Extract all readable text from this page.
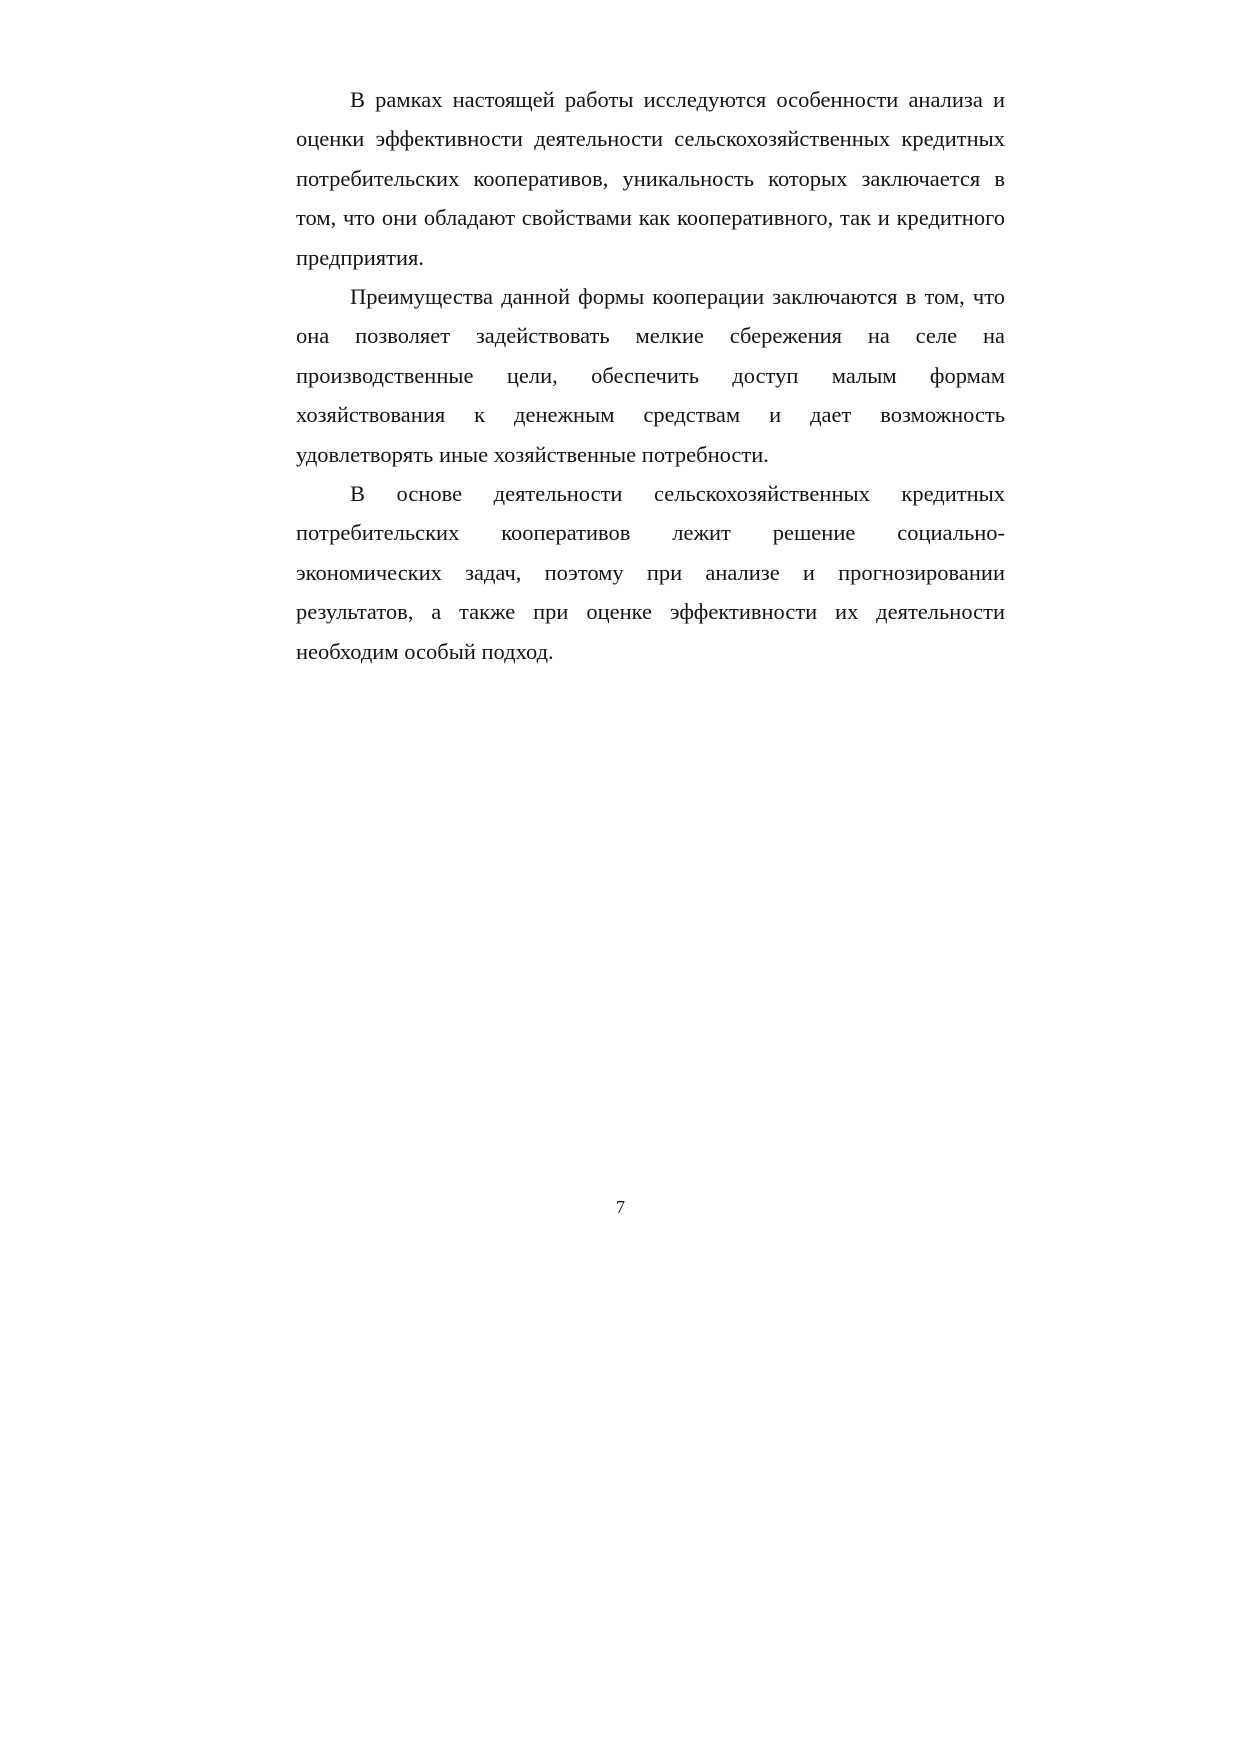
В рамках настоящей работы исследуются особенности анализа и оценки эффективности деятельности сельскохозяйственных кредитных потребительских кооперативов, уникальность которых заключается в том, что они обладают свойствами как кооперативного, так и кредитного предприятия.

Преимущества данной формы кооперации заключаются в том, что она позволяет задействовать мелкие сбережения на селе на производственные цели, обеспечить доступ малым формам хозяйствования к денежным средствам и дает возможность удовлетворять иные хозяйственные потребности.

В основе деятельности сельскохозяйственных кредитных потребительских кооперативов лежит решение социально-экономических задач, поэтому при анализе и прогнозировании результатов, а также при оценке эффективности их деятельности необходим особый подход.

7
